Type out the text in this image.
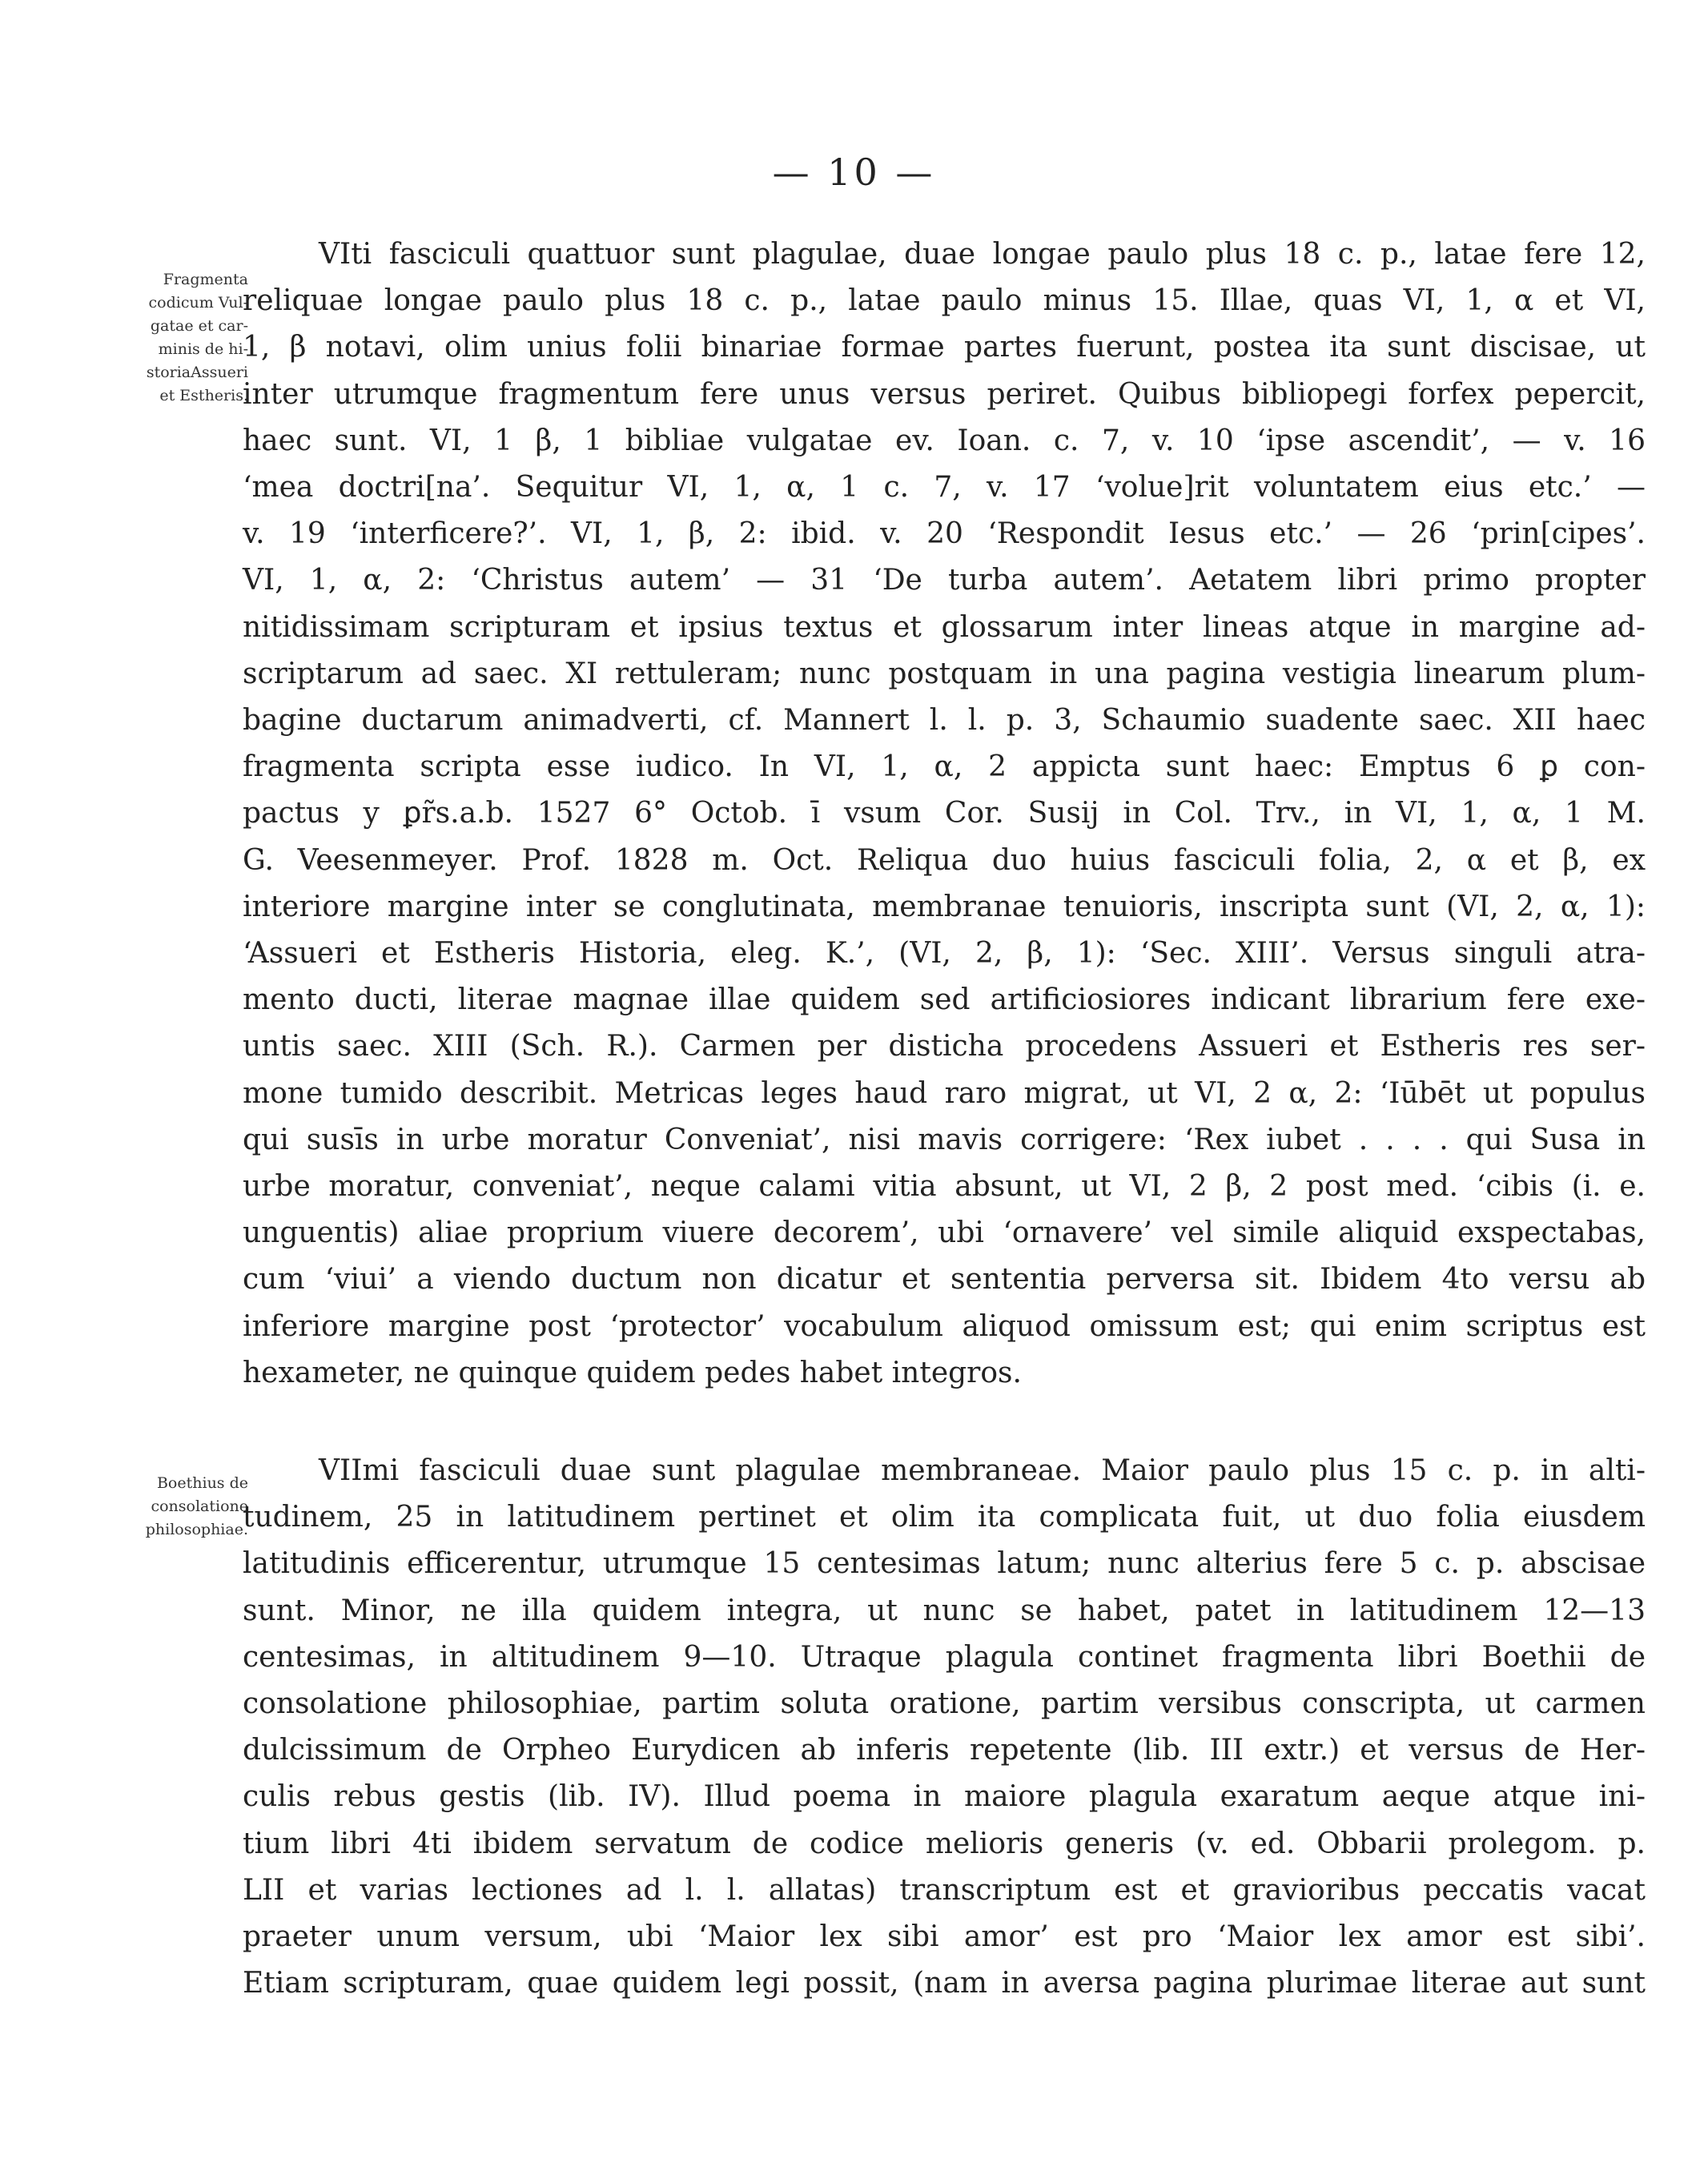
— 10 —
Fragmenta
codicum Vul-
gatae et car-
minis de hi-
storiaAssueri
et Estheris.
Boethius de
consolatione
philosophiae.
VIti fasciculi quattuor sunt plagulae, duae longae paulo plus 18 c. p., latae fere 12,
reliquae longae paulo plus 18 c. p., latae paulo minus 15. Illae, quas VI, 1, α et VI,
1, β notavi, olim unius folii binariae formae partes fuerunt, postea ita sunt discisae, ut
inter utrumque fragmentum fere unus versus periret. Quibus bibliopegi forfex pepercit,
haec sunt. VI, 1 β, 1 bibliae vulgatae ev. Ioan. c. 7, v. 10 ‘ipse ascendit’, — v. 16
‘mea doctri[na’. Sequitur VI, 1, α, 1 c. 7, v. 17 ‘volue]rit voluntatem eius etc.’ —
v. 19 ‘interficere?’. VI, 1, β, 2: ibid. v. 20 ‘Respondit Iesus etc.’ — 26 ‘prin[cipes’.
VI, 1, α, 2: ‘Christus autem’ — 31 ‘De turba autem’. Aetatem libri primo propter
nitidissimam scripturam et ipsius textus et glossarum inter lineas atque in margine ad-
scriptarum ad saec. XI rettuleram; nunc postquam in una pagina vestigia linearum plum-
bagine ductarum animadverti, cf. Mannert l. l. p. 3, Schaumio suadente saec. XII haec
fragmenta scripta esse iudico. In VI, 1, α, 2 appicta sunt haec: Emptus 6 ꝑ con-
pactus y ꝑr̃s.a.b. 1527 6° Octob. ī vsum Cor. Susij in Col. Trv., in VI, 1, α, 1 M.
G. Veesenmeyer. Prof. 1828 m. Oct. Reliqua duo huius fasciculi folia, 2, α et β, ex
interiore margine inter se conglutinata, membranae tenuioris, inscripta sunt (VI, 2, α, 1):
‘Assueri et Estheris Historia, eleg. K.’, (VI, 2, β, 1): ‘Sec. XIII’. Versus singuli atra-
mento ducti, literae magnae illae quidem sed artificiosiores indicant librarium fere exe-
untis saec. XIII (Sch. R.). Carmen per disticha procedens Assueri et Estheris res ser-
mone tumido describit. Metricas leges haud raro migrat, ut VI, 2 α, 2: ‘Iūbēt ut populus
qui susīs in urbe moratur Conveniat’, nisi mavis corrigere: ‘Rex iubet . . . . qui Susa in
urbe moratur, conveniat’, neque calami vitia absunt, ut VI, 2 β, 2 post med. ‘cibis (i. e.
unguentis) aliae proprium viuere decorem’, ubi ‘ornavere’ vel simile aliquid exspectabas,
cum ‘viui’ a viendo ductum non dicatur et sententia perversa sit. Ibidem 4to versu ab
inferiore margine post ‘protector’ vocabulum aliquod omissum est; qui enim scriptus est
hexameter, ne quinque quidem pedes habet integros.
VIImi fasciculi duae sunt plagulae membraneae. Maior paulo plus 15 c. p. in alti-
tudinem, 25 in latitudinem pertinet et olim ita complicata fuit, ut duo folia eiusdem
latitudinis efficerentur, utrumque 15 centesimas latum; nunc alterius fere 5 c. p. abscisae
sunt. Minor, ne illa quidem integra, ut nunc se habet, patet in latitudinem 12—13
centesimas, in altitudinem 9—10. Utraque plagula continet fragmenta libri Boethii de
consolatione philosophiae, partim soluta oratione, partim versibus conscripta, ut carmen
dulcissimum de Orpheo Eurydicen ab inferis repetente (lib. III extr.) et versus de Her-
culis rebus gestis (lib. IV). Illud poema in maiore plagula exaratum aeque atque ini-
tium libri 4ti ibidem servatum de codice melioris generis (v. ed. Obbarii prolegom. p.
LII et varias lectiones ad l. l. allatas) transcriptum est et gravioribus peccatis vacat
praeter unum versum, ubi ‘Maior lex sibi amor’ est pro ‘Maior lex amor est sibi’.
Etiam scripturam, quae quidem legi possit, (nam in aversa pagina plurimae literae aut sunt
